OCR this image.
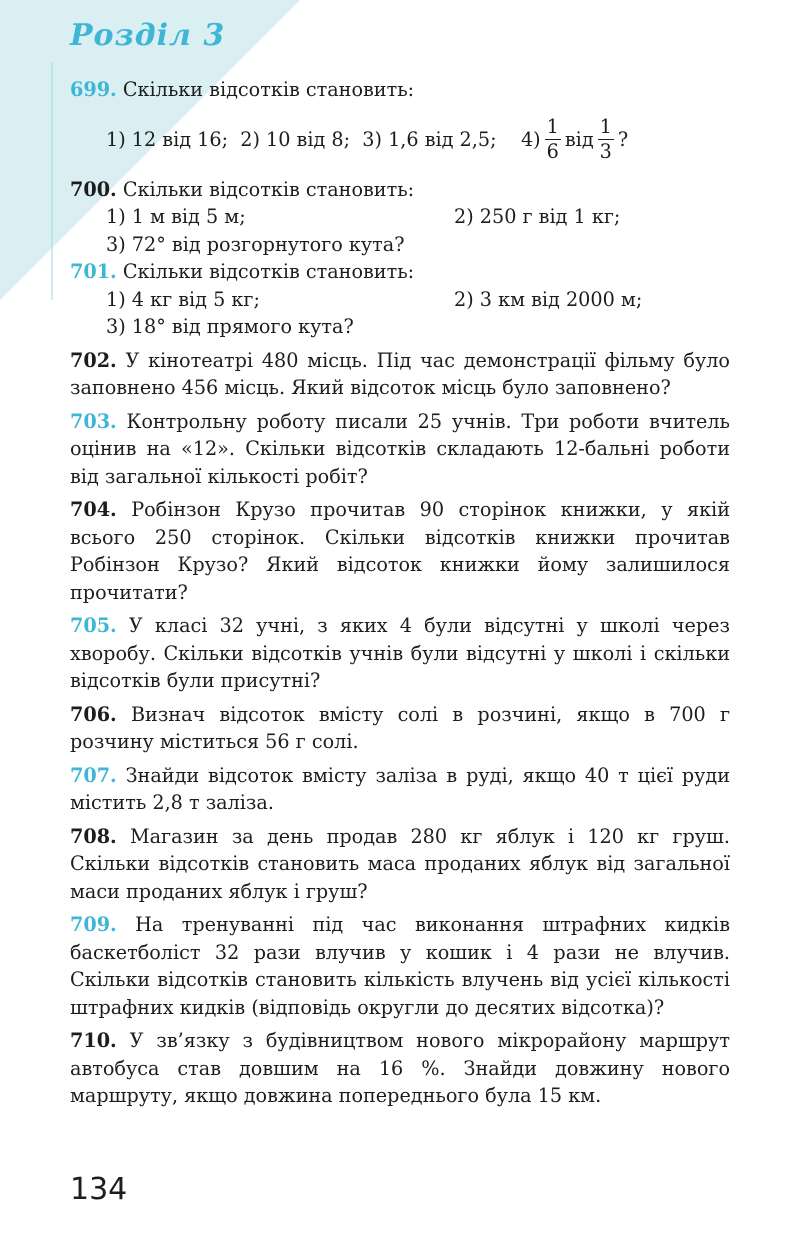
Розділ 3

699. Скільки відсотків становить:

1) 12 від 16;
2) 10 від 8;
3) 1,6 від 2,5;
$4) \frac{1}{6}$ від $\frac{1}{3}$ ?

700. Скільки відсотків становить:

1) 1 м від 5 м;	2) 250 г від 1 кг;
3) 72° від розгорнутого кута?

701. Скільки відсотків становить:

1) 4 кг від 5 кг;	2) 3 км від 2000 м;
3) 18° від прямого кута?

702. У кінотеатрі 480 місць. Під час демонстрації фільму було заповнено 456 місць. Який відсоток місць було заповнено?

703. Контрольну роботу писали 25 учнів. Три роботи вчитель оцінив на «12». Скільки відсотків складають 12-бальні роботи від загальної кількості робіт?

704. Робінзон Крузо прочитав 90 сторінок книжки, у якій всього 250 сторінок. Скільки відсотків книжки прочитав Робінзон Крузо? Який відсоток книжки йому залишилося прочитати?

705. У класі 32 учні, з яких 4 були відсутні у школі через хворобу. Скільки відсотків учнів були відсутні у школі і скільки відсотків були присутні?

706. Визнач відсоток вмісту солі в розчині, якщо в 700 г розчину міститься 56 г солі.

707. Знайди відсоток вмісту заліза в руді, якщо 40 т цієї руди містить 2,8 т заліза.

708. Магазин за день продав 280 кг яблук і 120 кг груш. Скільки відсотків становить маса проданих яблук від загальної маси проданих яблук і груш?

709. На тренуванні під час виконання штрафних кидків баскетболіст 32 рази влучив у кошик і 4 рази не влучив. Скільки відсотків становить кількість влучень від усієї кількості штрафних кидків (відповідь округли до десятих відсотка)?

710. У зв’язку з будівництвом нового мікрорайону маршрут автобуса став довшим на 16 %. Знайди довжину нового маршруту, якщо довжина попереднього була 15 км.

134
